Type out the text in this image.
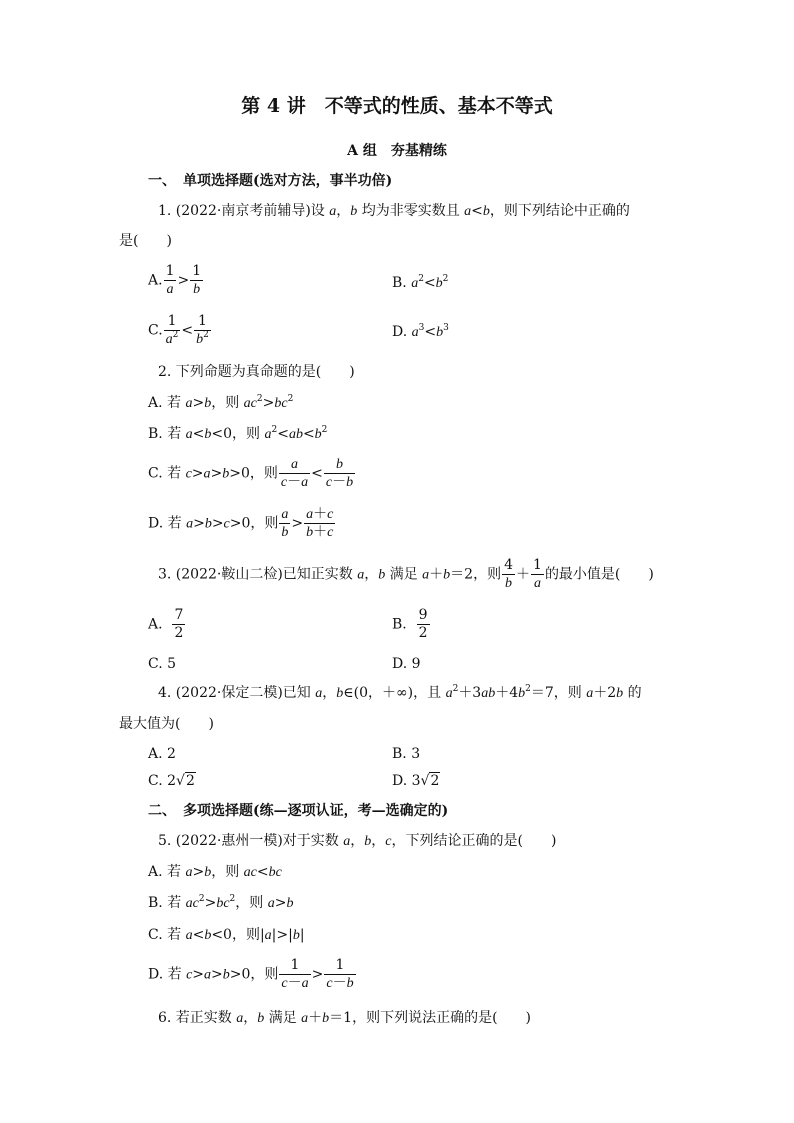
第 4 讲　不等式的性质、基本不等式
A 组　夯基精练
一、　单项选择题(选对方法，事半功倍)
1. (2022·南京考前辅导)设 a，b 均为非零实数且 a<b，则下列结论中正确的
是(　　)
A. $\frac{1}{a} > \frac{1}{b}$	B. $a^2<b^2$
C. $\frac{1}{a^2} < \frac{1}{b^2}$	D. $a^3<b^3$
2. 下列命题为真命题的是(　　)
A. 若 a>b，则 $ac^2>bc^2$
B. 若 a<b<0，则 $a^2<ab<b^2$
C. 若 c>a>b>0，则 $\frac{a}{c-a} < \frac{b}{c-b}$
D. 若 a>b>c>0，则 $\frac{a}{b} > \frac{a+c}{b+c}$
3. (2022·鞍山二检)已知正实数 a，b 满足 a＋b＝2，则 $\frac{4}{b} + \frac{1}{a}$ 的最小值是(　　)
A. $\frac{7}{2}$	B. $\frac{9}{2}$
C. 5	D. 9
4. (2022·保定二模)已知 a，b∈(0，＋∞)，且 $a^2+3ab+4b^2=7$，则 a＋2b 的
最大值为(　　)
A. 2	B. 3
C. 2√2	D. 3√2
二、　多项选择题(练—逐项认证，考—选确定的)
5. (2022·惠州一模)对于实数 a，b，c，下列结论正确的是(　　)
A. 若 a>b，则 ac<bc
B. 若 $ac^2>bc^2$，则 a>b
C. 若 a<b<0，则|a|>|b|
D. 若 c>a>b>0，则 $\frac{1}{c-a} > \frac{1}{c-b}$
6. 若正实数 a，b 满足 a＋b＝1，则下列说法正确的是(　　)
